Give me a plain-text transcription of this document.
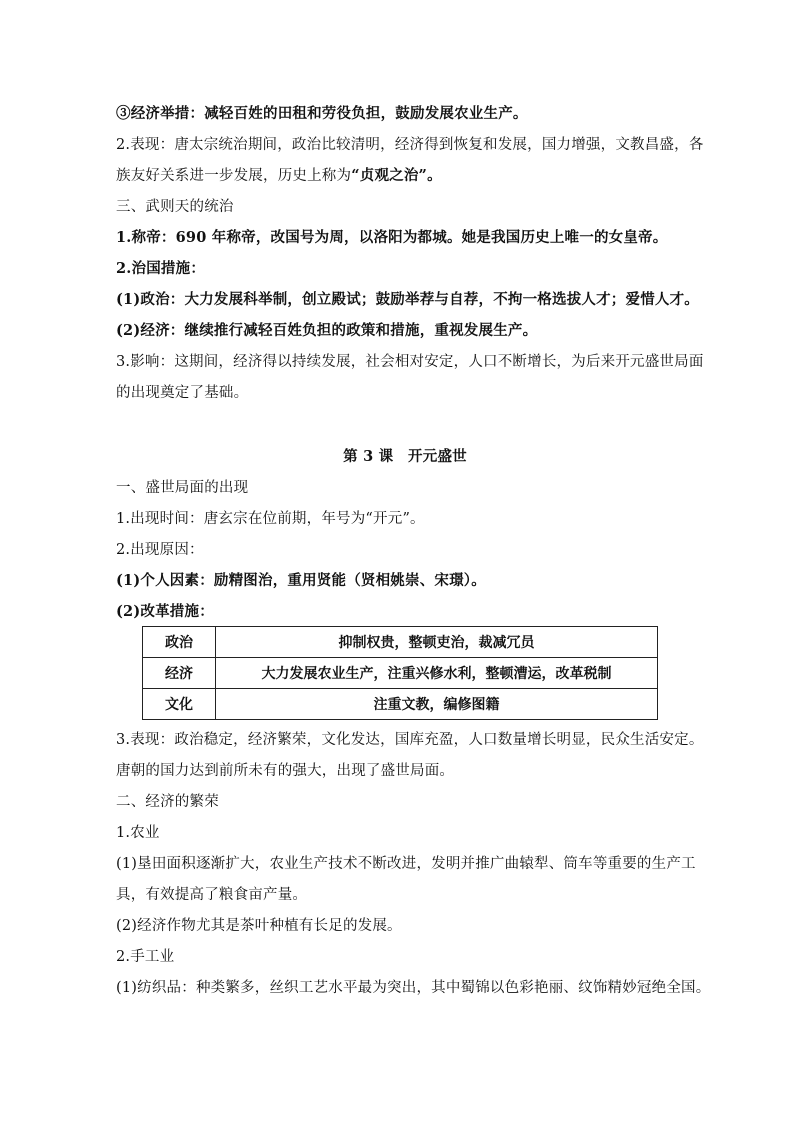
③经济举措：减轻百姓的田租和劳役负担，鼓励发展农业生产。
2.表现：唐太宗统治期间，政治比较清明，经济得到恢复和发展，国力增强，文教昌盛，各
族友好关系进一步发展，历史上称为“贞观之治”。
三、武则天的统治
1.称帝：690 年称帝，改国号为周，以洛阳为都城。她是我国历史上唯一的女皇帝。
2.治国措施：
(1)政治：大力发展科举制，创立殿试；鼓励举荐与自荐，不拘一格选拔人才；爱惜人才。
(2)经济：继续推行减轻百姓负担的政策和措施，重视发展生产。
3.影响：这期间，经济得以持续发展，社会相对安定，人口不断增长，为后来开元盛世局面
的出现奠定了基础。
第 3 课　开元盛世
一、盛世局面的出现
1.出现时间：唐玄宗在位前期，年号为“开元”。
2.出现原因：
(1)个人因素：励精图治，重用贤能（贤相姚崇、宋璟）。
(2)改革措施：
政治	抑制权贵，整顿吏治，裁减冗员
经济	大力发展农业生产，注重兴修水利，整顿漕运，改革税制
文化	注重文教，编修图籍
3.表现：政治稳定，经济繁荣，文化发达，国库充盈，人口数量增长明显，民众生活安定。
唐朝的国力达到前所未有的强大，出现了盛世局面。
二、经济的繁荣
1.农业
(1)垦田面积逐渐扩大，农业生产技术不断改进，发明并推广曲辕犁、筒车等重要的生产工
具，有效提高了粮食亩产量。
(2)经济作物尤其是茶叶种植有长足的发展。
2.手工业
(1)纺织品：种类繁多，丝织工艺水平最为突出，其中蜀锦以色彩艳丽、纹饰精妙冠绝全国。
